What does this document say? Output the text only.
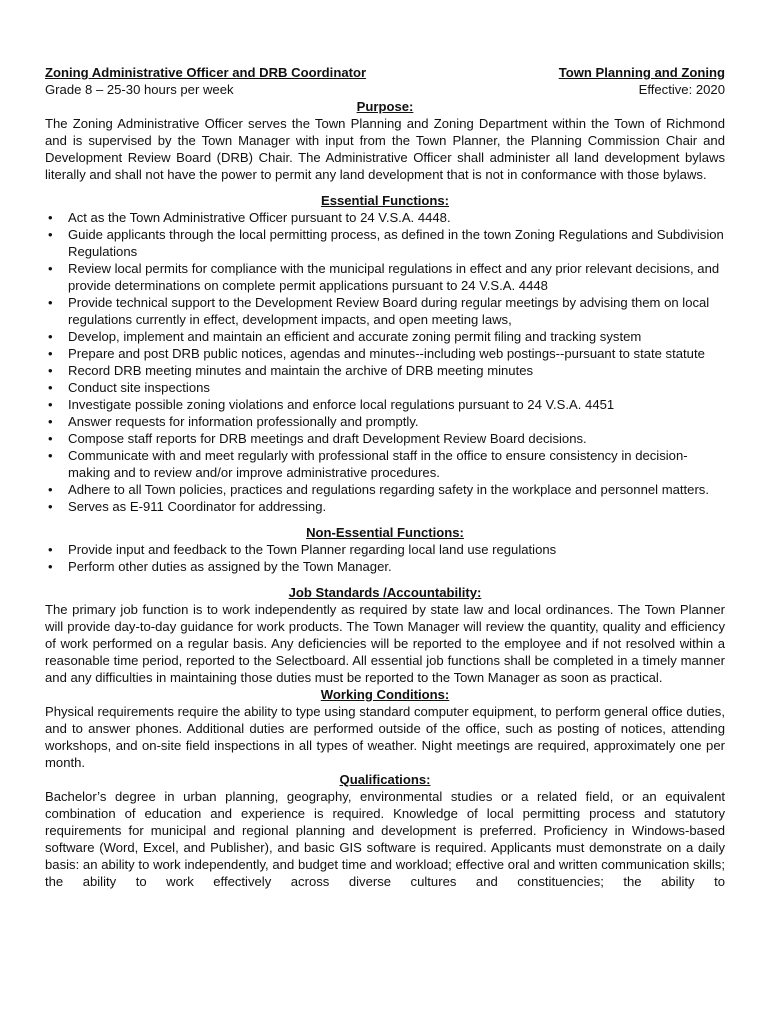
Zoning Administrative Officer and DRB Coordinator	Town Planning and Zoning
Grade 8 – 25-30 hours per week	Effective: 2020
Purpose:

The Zoning Administrative Officer serves the Town Planning and Zoning Department within the Town of Richmond and is supervised by the Town Manager with input from the Town Planner, the Planning Commission Chair and Development Review Board (DRB) Chair. The Administrative Officer shall administer all land development bylaws literally and shall not have the power to permit any land development that is not in conformance with those bylaws.

Essential Functions:
• Act as the Town Administrative Officer pursuant to 24 V.S.A. 4448.
• Guide applicants through the local permitting process, as defined in the town Zoning Regulations and Subdivision Regulations
• Review local permits for compliance with the municipal regulations in effect and any prior relevant decisions, and provide determinations on complete permit applications pursuant to 24 V.S.A. 4448
• Provide technical support to the Development Review Board during regular meetings by advising them on local regulations currently in effect, development impacts, and open meeting laws,
• Develop, implement and maintain an efficient and accurate zoning permit filing and tracking system
• Prepare and post DRB public notices, agendas and minutes--including web postings--pursuant to state statute
• Record DRB meeting minutes and maintain the archive of DRB meeting minutes
• Conduct site inspections
• Investigate possible zoning violations and enforce local regulations pursuant to 24 V.S.A. 4451
• Answer requests for information professionally and promptly.
• Compose staff reports for DRB meetings and draft Development Review Board decisions.
• Communicate with and meet regularly with professional staff in the office to ensure consistency in decision-making and to review and/or improve administrative procedures.
• Adhere to all Town policies, practices and regulations regarding safety in the workplace and personnel matters.
• Serves as E-911 Coordinator for addressing.
Non-Essential Functions:
• Provide input and feedback to the Town Planner regarding local land use regulations
• Perform other duties as assigned by the Town Manager.
Job Standards /Accountability:

The primary job function is to work independently as required by state law and local ordinances. The Town Planner will provide day-to-day guidance for work products. The Town Manager will review the quantity, quality and efficiency of work performed on a regular basis. Any deficiencies will be reported to the employee and if not resolved within a reasonable time period, reported to the Selectboard. All essential job functions shall be completed in a timely manner and any difficulties in maintaining those duties must be reported to the Town Manager as soon as practical.

Working Conditions:

Physical requirements require the ability to type using standard computer equipment, to perform general office duties, and to answer phones. Additional duties are performed outside of the office, such as posting of notices, attending workshops, and on-site field inspections in all types of weather. Night meetings are required, approximately one per month.

Qualifications:

Bachelor’s degree in urban planning, geography, environmental studies or a related field, or an equivalent combination of education and experience is required. Knowledge of local permitting process and statutory requirements for municipal and regional planning and development is preferred. Proficiency in Windows-based software (Word, Excel, and Publisher), and basic GIS software is required. Applicants must demonstrate on a daily basis: an ability to work independently, and budget time and workload; effective oral and written communication skills; the ability to work effectively across diverse cultures and constituencies; the ability to
